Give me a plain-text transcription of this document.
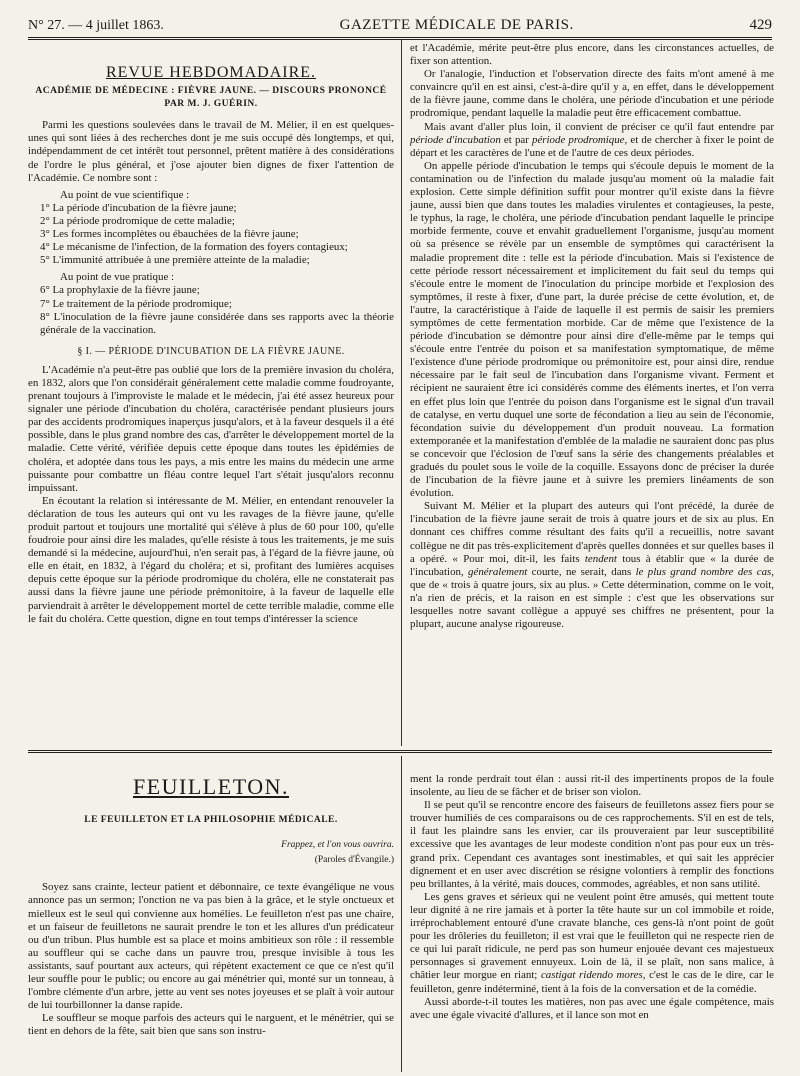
N° 27. — 4 juillet 1863.	GAZETTE MÉDICALE DE PARIS.	429
REVUE HEBDOMADAIRE.
ACADÉMIE DE MÉDECINE : FIÈVRE JAUNE. — DISCOURS PRONONCÉ PAR M. J. GUÉRIN.

Parmi les questions soulevées dans le travail de M. Mélier, il en est quelques-unes qui sont liées à des recherches dont je me suis occupé dès longtemps, et qui, indépendamment de cet intérêt tout personnel, prêtent matière à des considérations de l'ordre le plus général, et j'ose ajouter bien dignes de fixer l'attention de l'Académie. Ce nombre sont :

Au point de vue scientifique :

1° La période d'incubation de la fièvre jaune;

2° La période prodromique de cette maladie;

3° Les formes incomplètes ou ébauchées de la fièvre jaune;

4° Le mécanisme de l'infection, de la formation des foyers contagieux;

5° L'immunité attribuée à une première atteinte de la maladie;

Au point de vue pratique :

6° La prophylaxie de la fièvre jaune;

7° Le traitement de la période prodromique;

8° L'inoculation de la fièvre jaune considérée dans ses rapports avec la théorie générale de la vaccination.

§ I. — PÉRIODE D'INCUBATION DE LA FIÈVRE JAUNE.

L'Académie n'a peut-être pas oublié que lors de la première invasion du choléra, en 1832, alors que l'on considérait généralement cette maladie comme foudroyante, prenant toujours à l'improviste le malade et le médecin, j'ai été assez heureux pour signaler une période d'incubation du choléra, caractérisée pendant plusieurs jours par des accidents prodromiques inaperçus jusqu'alors, et à la faveur desquels il a été possible, dans le plus grand nombre des cas, d'arrêter le développement mortel de la maladie. Cette vérité, vérifiée depuis cette époque dans toutes les épidémies de choléra, et adoptée dans tous les pays, a mis entre les mains du médecin une arme puissante pour combattre un fléau contre lequel l'art s'était jusqu'alors reconnu impuissant.

En écoutant la relation si intéressante de M. Mélier, en entendant renouveler la déclaration de tous les auteurs qui ont vu les ravages de la fièvre jaune, qu'elle produit partout et toujours une mortalité qui s'élève à plus de 60 pour 100, qu'elle foudroie pour ainsi dire les malades, qu'elle résiste à tous les traitements, je me suis demandé si la médecine, aujourd'hui, n'en serait pas, à l'égard de la fièvre jaune, où elle en était, en 1832, à l'égard du choléra; et si, profitant des lumières acquises depuis cette époque sur la période prodromique du choléra, elle ne constaterait pas aussi dans la fièvre jaune une période prémonitoire, à la faveur de laquelle elle parviendrait à arrêter le développement mortel de cette terrible maladie, comme elle le fait du choléra. Cette question, digne en tout temps d'intéresser la science

et l'Académie, mérite peut-être plus encore, dans les circonstances actuelles, de fixer son attention.

Or l'analogie, l'induction et l'observation directe des faits m'ont amené à me convaincre qu'il en est ainsi, c'est-à-dire qu'il y a, en effet, dans le développement de la fièvre jaune, comme dans le choléra, une période d'incubation et une période prodromique, pendant laquelle la maladie peut être efficacement combattue.

Mais avant d'aller plus loin, il convient de préciser ce qu'il faut entendre par période d'incubation et par période prodromique, et de chercher à fixer le point de départ et les caractères de l'une et de l'autre de ces deux périodes.

On appelle période d'incubation le temps qui s'écoule depuis le moment de la contamination ou de l'infection du malade jusqu'au moment où la maladie fait explosion. Cette simple définition suffit pour montrer qu'il existe dans la fièvre jaune, aussi bien que dans toutes les maladies virulentes et contagieuses, la peste, le typhus, la rage, le choléra, une période d'incubation pendant laquelle le principe morbide fermente, couve et envahit graduellement l'organisme, jusqu'au moment où sa présence se révèle par un ensemble de symptômes qui caractérisent la maladie proprement dite : telle est la période d'incubation. Mais si l'existence de cette période ressort nécessairement et implicitement du fait seul du temps qui s'écoule entre le moment de l'inoculation du principe morbide et l'explosion des symptômes, il reste à fixer, d'une part, la durée précise de cette évolution, et, de l'autre, la caractéristique à l'aide de laquelle il est permis de saisir les premiers symptômes de cette fermentation morbide. Car de même que l'existence de la période d'incubation se démontre pour ainsi dire d'elle-même par le temps qui s'écoule entre l'entrée du poison et sa manifestation symptomatique, de même l'existence d'une période prodromique ou prémonitoire est, pour ainsi dire, rendue nécessaire par le fait seul de l'incubation dans l'organisme vivant. Ferment et récipient ne sauraient être ici considérés comme des éléments inertes, et l'on verra en effet plus loin que l'entrée du poison dans l'organisme est le signal d'un travail de catalyse, en vertu duquel une sorte de fécondation a lieu au sein de l'économie, fécondation suivie du développement d'un produit nouveau. La formation extemporanée et la manifestation d'emblée de la maladie ne sauraient donc pas plus se concevoir que l'éclosion de l'œuf sans la série des changements préalables et gradués du poulet sous le voile de la coquille. Essayons donc de préciser la durée de l'incubation de la fièvre jaune et à suivre les premiers linéaments de son évolution.

Suivant M. Mélier et la plupart des auteurs qui l'ont précédé, la durée de l'incubation de la fièvre jaune serait de trois à quatre jours et de six au plus. En donnant ces chiffres comme résultant des faits qu'il a recueillis, notre savant collègue ne dit pas très-explicitement d'après quelles données et sur quelles bases il a opéré. « Pour moi, dit-il, les faits tendent tous à établir que « la durée de l'incubation, généralement courte, ne serait, dans le plus grand nombre des cas, que de « trois à quatre jours, six au plus. » Cette détermination, comme on le voit, n'a rien de précis, et la raison en est simple : c'est que les observations sur lesquelles notre savant collègue a appuyé ses chiffres ne présentent, pour la plupart, aucune analyse rigoureuse.

FEUILLETON.
LE FEUILLETON ET LA PHILOSOPHIE MÉDICALE.
Frappez, et l'on vous ouvrira.
(Paroles d'Évangile.)

Soyez sans crainte, lecteur patient et débonnaire, ce texte évangélique ne vous annonce pas un sermon; l'onction ne va pas bien à la grâce, et le style onctueux et mielleux est le seul qui convienne aux homélies. Le feuilleton n'est pas une chaire, et un faiseur de feuilletons ne saurait prendre le ton et les allures d'un prédicateur ou d'un tribun. Plus humble est sa place et moins ambitieux son rôle : il ressemble au souffleur qui se cache dans un pauvre trou, presque invisible à tous les assistants, sauf pourtant aux acteurs, qui répètent exactement ce que ce n'est qu'il leur souffle pour le public; ou encore au gai ménétrier qui, monté sur un tonneau, à l'ombre clémente d'un arbre, jette au vent ses notes joyeuses et se plaît à voir autour de lui tourbillonner la danse rapide.

Le souffleur se moque parfois des acteurs qui le narguent, et le ménétrier, qui se tient en dehors de la fête, sait bien que sans son instru-

ment la ronde perdrait tout élan : aussi rit-il des impertinents propos de la foule insolente, au lieu de se fâcher et de briser son violon.

Il se peut qu'il se rencontre encore des faiseurs de feuilletons assez fiers pour se trouver humiliés de ces comparaisons ou de ces rapprochements. S'il en est de tels, il faut les plaindre sans les envier, car ils prouveraient par leur susceptibilité excessive que les avantages de leur modeste condition n'ont pas pour eux un très-grand prix. Cependant ces avantages sont inestimables, et qui sait les apprécier dignement et en user avec discrétion se résigne volontiers à remplir des fonctions peu brillantes, à la vérité, mais douces, commodes, agréables, et non sans utilité.

Les gens graves et sérieux qui ne veulent point être amusés, qui mettent toute leur dignité à ne rire jamais et à porter la tête haute sur un col immobile et roide, irréprochablement entouré d'une cravate blanche, ces gens-là n'ont point de goût pour les drôleries du feuilleton; il est vrai que le feuilleton qui ne respecte rien de ce qui lui paraît ridicule, ne perd pas son humeur enjouée devant ces majestueux personnages si gravement ennuyeux. Loin de là, il se plaît, non sans malice, à châtier leur morgue en riant; castigat ridendo mores, c'est le cas de le dire, car le feuilleton, genre indéterminé, tient à la fois de la conversation et de la comédie.

Aussi aborde-t-il toutes les matières, non pas avec une égale compétence, mais avec une égale vivacité d'allures, et il lance son mot en
